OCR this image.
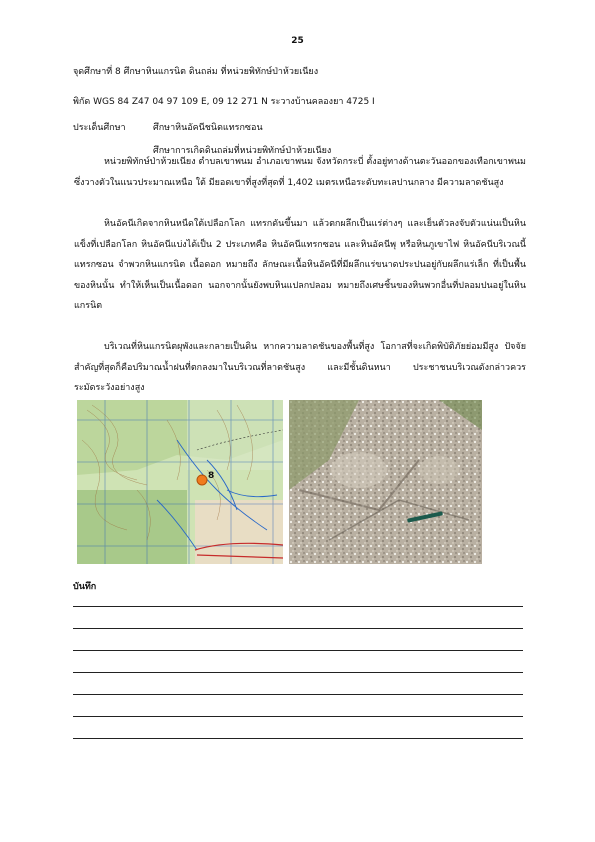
25
จุดศึกษาที่ 8 ศึกษาหินแกรนิต ดินถล่ม ที่หน่วยพิทักษ์ป่าห้วยเนียง
พิกัด WGS 84 Z47 04 97 109 E, 09 12 271 N ระวางบ้านคลองยา 4725 I
ประเด็นศึกษา	ศึกษาหินอัคนีชนิดแทรกซอน
ศึกษาการเกิดดินถล่มที่หน่วยพิทักษ์ป่าห้วยเนียง
หน่วยพิทักษ์ป่าห้วยเนียง ตำบลเขาพนม อำเภอเขาพนม จังหวัดกระบี่ ตั้งอยู่ทางด้านตะวันออกของเทือกเขาพนม ซึ่งวางตัวในแนวประมาณเหนือ ใต้ มียอดเขาที่สูงที่สุดที่ 1,402 เมตรเหนือระดับทะเลปานกลาง มีความลาดชันสูง
หินอัคนีเกิดจากหินหนืดใต้เปลือกโลก แทรกดันขึ้นมา แล้วตกผลึกเป็นแร่ต่างๆ และเย็นตัวลงจับตัวแน่นเป็นหินแข็งที่เปลือกโลก หินอัคนีแบ่งได้เป็น 2 ประเภทคือ หินอัคนีแทรกซอน และหินอัคนีพุ หรือหินภูเขาไฟ หินอัคนีบริเวณนี้แทรกซอน จำพวกหินแกรนิต เนื้อดอก หมายถึง ลักษณะเนื้อหินอัคนีที่มีผลึกแร่ขนาดประปนอยู่กับผลึกแร่เล็ก ที่เป็นพื้นของหินนั้น ทำให้เห็นเป็นเนื้อดอก นอกจากนั้นยังพบหินแปลกปลอม หมายถึงเศษชิ้นของหินพวกอื่นที่ปลอมปนอยู่ในหินแกรนิต
บริเวณที่หินแกรนิตผุพังและกลายเป็นดิน หากความลาดชันของพื้นที่สูง โอกาสที่จะเกิดพิบัติภัยย่อมมีสูง ปัจจัยสำคัญที่สุดก็คือปริมาณน้ำฝนที่ตกลงมาในบริเวณที่ลาดชันสูง และมีชั้นดินหนา ประชาชนบริเวณดังกล่าวควรระมัดระวังอย่างสูง
8
บันทึก
